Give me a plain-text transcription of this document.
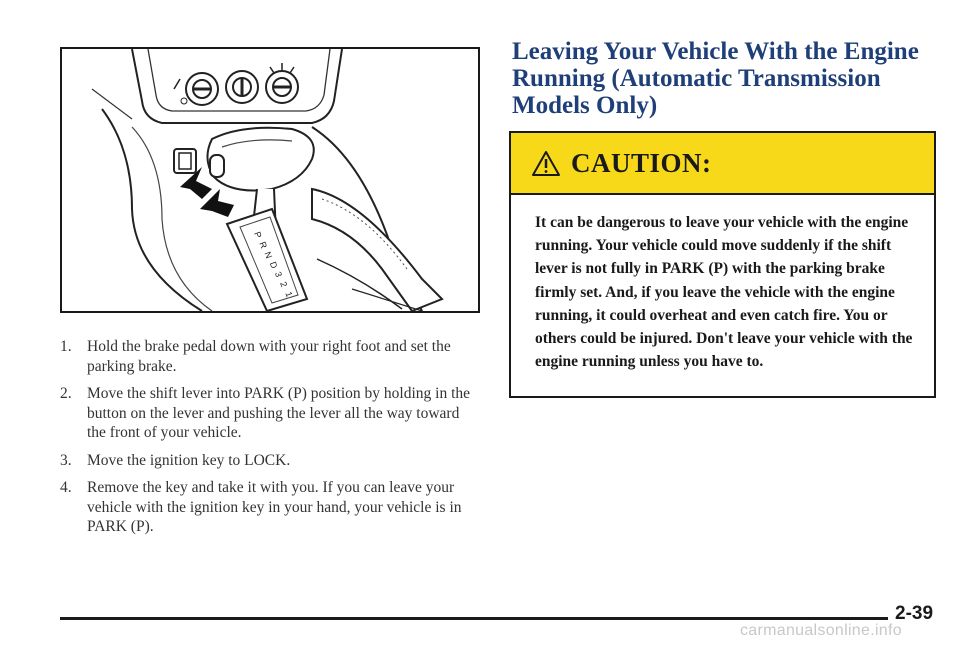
P
R
N
D
3
2
1
1. Hold the brake pedal down with your right foot and set the parking brake.
2. Move the shift lever into PARK (P) position by holding in the button on the lever and pushing the lever all the way toward the front of your vehicle.
3. Move the ignition key to LOCK.
4. Remove the key and take it with you. If you can leave your vehicle with the ignition key in your hand, your vehicle is in PARK (P).
Leaving Your Vehicle With the Engine Running (Automatic Transmission Models Only)
CAUTION:

It can be dangerous to leave your vehicle with the engine running. Your vehicle could move suddenly if the shift lever is not fully in PARK (P) with the parking brake firmly set. And, if you leave the vehicle with the engine running, it could overheat and even catch fire. You or others could be injured. Don't leave your vehicle with the engine running unless you have to.

2-39
carmanualsonline.info
